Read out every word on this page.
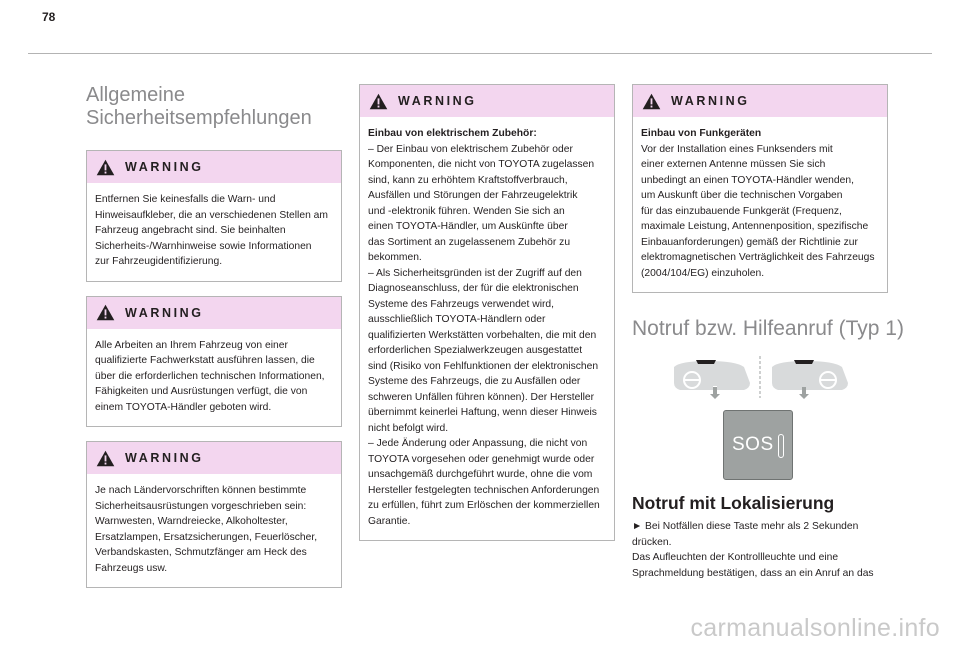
78
Allgemeine
Sicherheitsempfehlungen
WARNING

Entfernen Sie keinesfalls die Warn- und
Hinweisaufkleber, die an verschiedenen Stellen am
Fahrzeug angebracht sind. Sie beinhalten
Sicherheits-/Warnhinweise sowie Informationen
zur Fahrzeugidentifizierung.

WARNING

Alle Arbeiten an Ihrem Fahrzeug von einer
qualifizierte Fachwerkstatt ausführen lassen, die
über die erforderlichen technischen Informationen,
Fähigkeiten und Ausrüstungen verfügt, die von
einem TOYOTA-Händler geboten wird.

WARNING

Je nach Ländervorschriften können bestimmte
Sicherheitsausrüstungen vorgeschrieben sein:
Warnwesten, Warndreiecke, Alkoholtester,
Ersatzlampen, Ersatzsicherungen, Feuerlöscher,
Verbandskasten, Schmutzfänger am Heck des
Fahrzeugs usw.

WARNING

Einbau von elektrischem Zubehör:
– Der Einbau von elektrischem Zubehör oder
Komponenten, die nicht von TOYOTA zugelassen
sind, kann zu erhöhtem Kraftstoffverbrauch,
Ausfällen und Störungen der Fahrzeugelektrik
und -elektronik führen. Wenden Sie sich an
einen TOYOTA-Händler, um Auskünfte über
das Sortiment an zugelassenem Zubehör zu
bekommen.
– Als Sicherheitsgründen ist der Zugriff auf den
Diagnoseanschluss, der für die elektronischen
Systeme des Fahrzeugs verwendet wird,
ausschließlich TOYOTA-Händlern oder
qualifizierten Werkstätten vorbehalten, die mit den
erforderlichen Spezialwerkzeugen ausgestattet
sind (Risiko von Fehlfunktionen der elektronischen
Systeme des Fahrzeugs, die zu Ausfällen oder
schweren Unfällen führen können). Der Hersteller
übernimmt keinerlei Haftung, wenn dieser Hinweis
nicht befolgt wird.
– Jede Änderung oder Anpassung, die nicht von
TOYOTA vorgesehen oder genehmigt wurde oder
unsachgemäß durchgeführt wurde, ohne die vom
Hersteller festgelegten technischen Anforderungen
zu erfüllen, führt zum Erlöschen der kommerziellen
Garantie.

WARNING

Einbau von Funkgeräten
Vor der Installation eines Funksenders mit
einer externen Antenne müssen Sie sich
unbedingt an einen TOYOTA-Händler wenden,
um Auskunft über die technischen Vorgaben
für das einzubauende Funkgerät (Frequenz,
maximale Leistung, Antennenposition, spezifische
Einbauanforderungen) gemäß der Richtlinie zur
elektromagnetischen Verträglichkeit des Fahrzeugs
(2004/104/EG) einzuholen.

Notruf bzw. Hilfeanruf (Typ 1)
SOS
Notruf mit Lokalisierung

► Bei Notfällen diese Taste mehr als 2 Sekunden
drücken.
Das Aufleuchten der Kontrollleuchte und eine
Sprachmeldung bestätigen, dass an ein Anruf an das

carmanualsonline.info
